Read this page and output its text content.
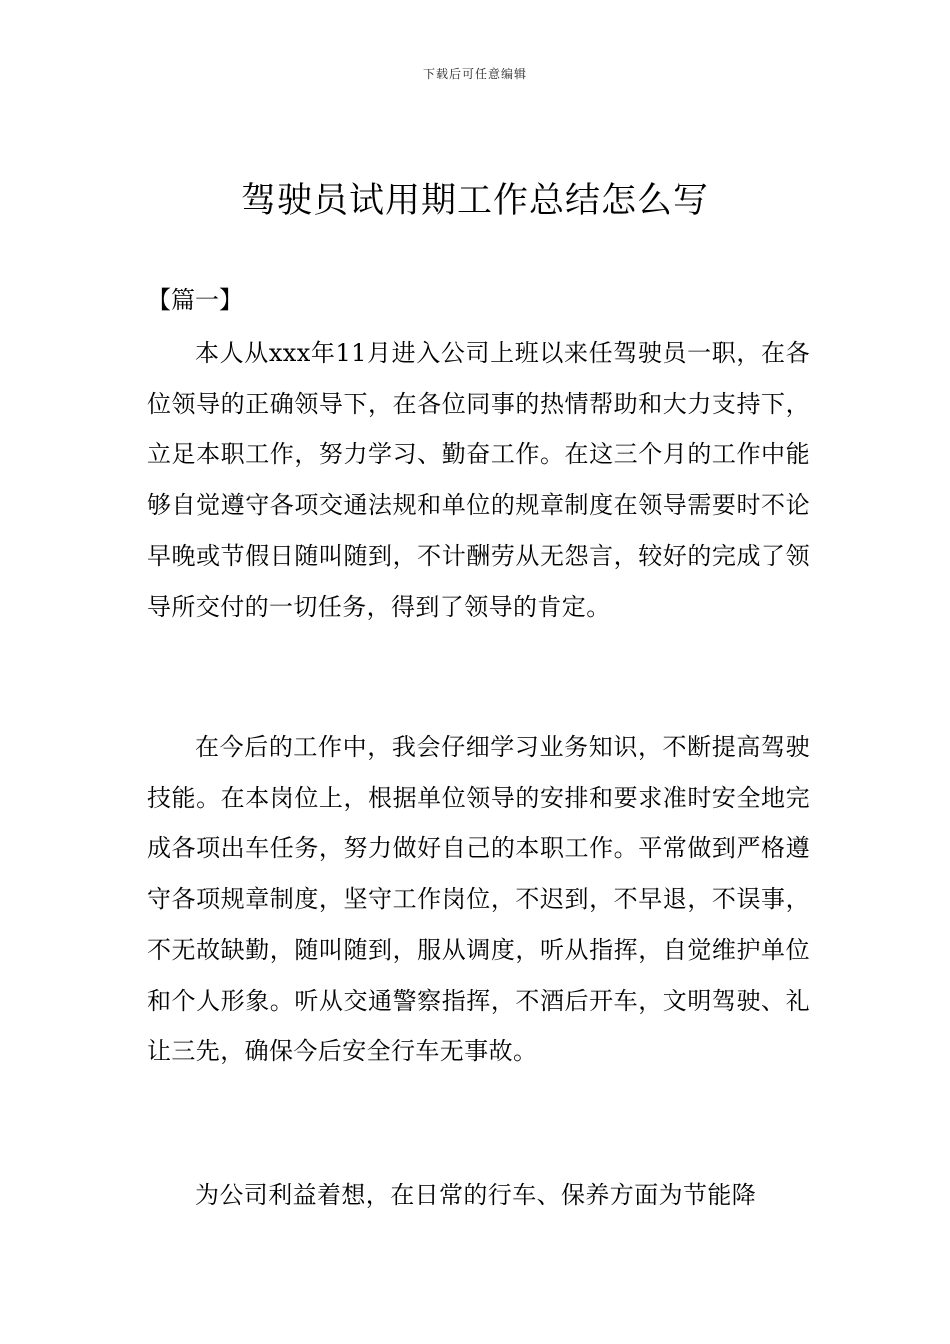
下载后可任意编辑
驾驶员试用期工作总结怎么写
【篇一】

本人从xxx年11月进入公司上班以来任驾驶员一职，在各位领导的正确领导下，在各位同事的热情帮助和大力支持下，立足本职工作，努力学习、勤奋工作。在这三个月的工作中能够自觉遵守各项交通法规和单位的规章制度在领导需要时不论早晚或节假日随叫随到，不计酬劳从无怨言，较好的完成了领导所交付的一切任务，得到了领导的肯定。

在今后的工作中，我会仔细学习业务知识，不断提高驾驶技能。在本岗位上，根据单位领导的安排和要求准时安全地完成各项出车任务，努力做好自己的本职工作。平常做到严格遵守各项规章制度，坚守工作岗位，不迟到，不早退，不误事，不无故缺勤，随叫随到，服从调度，听从指挥，自觉维护单位和个人形象。听从交通警察指挥，不酒后开车，文明驾驶、礼让三先，确保今后安全行车无事故。

为公司利益着想，在日常的行车、保养方面为节能降
